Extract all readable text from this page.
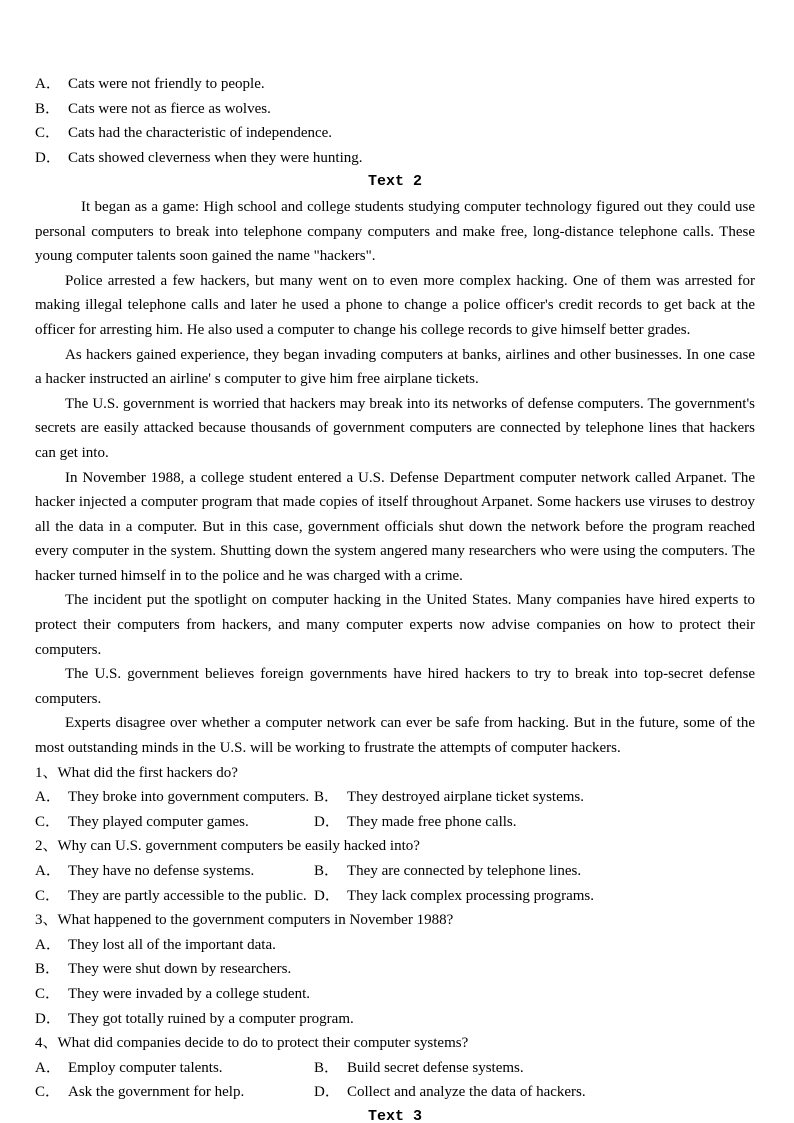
A． Cats were not friendly to people.
B． Cats were not as fierce as wolves.
C． Cats had the characteristic of independence.
D． Cats showed cleverness when they were hunting.
Text 2

It began as a game: High school and college students studying computer technology figured out they could use personal computers to break into telephone company computers and make free, long-distance telephone calls. These young computer talents soon gained the name "hackers".

Police arrested a few hackers, but many went on to even more complex hacking. One of them was arrested for making illegal telephone calls and later he used a phone to change a police officer's credit records to get back at the officer for arresting him. He also used a computer to change his college records to give himself better grades.

As hackers gained experience, they began invading computers at banks, airlines and other businesses. In one case a hacker instructed an airline' s computer to give him free airplane tickets.

The U.S. government is worried that hackers may break into its networks of defense computers. The government's secrets are easily attacked because thousands of government computers are connected by telephone lines that hackers can get into.

In November 1988, a college student entered a U.S. Defense Department computer network called Arpanet. The hacker injected a computer program that made copies of itself throughout Arpanet. Some hackers use viruses to destroy all the data in a computer. But in this case, government officials shut down the network before the program reached every computer in the system. Shutting down the system angered many researchers who were using the computers. The hacker turned himself in to the police and he was charged with a crime.

The incident put the spotlight on computer hacking in the United States. Many companies have hired experts to protect their computers from hackers, and many computer experts now advise companies on how to protect their computers.

The U.S. government believes foreign governments have hired hackers to try to break into top-secret defense computers.

Experts disagree over whether a computer network can ever be safe from hacking. But in the future, some of the most outstanding minds in the U.S. will be working to frustrate the attempts of computer hackers.

1、What did the first hackers do?
A． They broke into government computers. B． They destroyed airplane ticket systems.
C． They played computer games.	D． They made free phone calls.
2、Why can U.S. government computers be easily hacked into?
A． They have no defense systems.	B． They are connected by telephone lines.
C． They are partly accessible to the public. D． They lack complex processing programs.
3、What happened to the government computers in November 1988?
A． They lost all of the important data.
B． They were shut down by researchers.
C． They were invaded by a college student.
D． They got totally ruined by a computer program.
4、What did companies decide to do to protect their computer systems?
A． Employ computer talents.	B． Build secret defense systems.
C． Ask the government for help.	D． Collect and analyze the data of hackers.
Text 3
